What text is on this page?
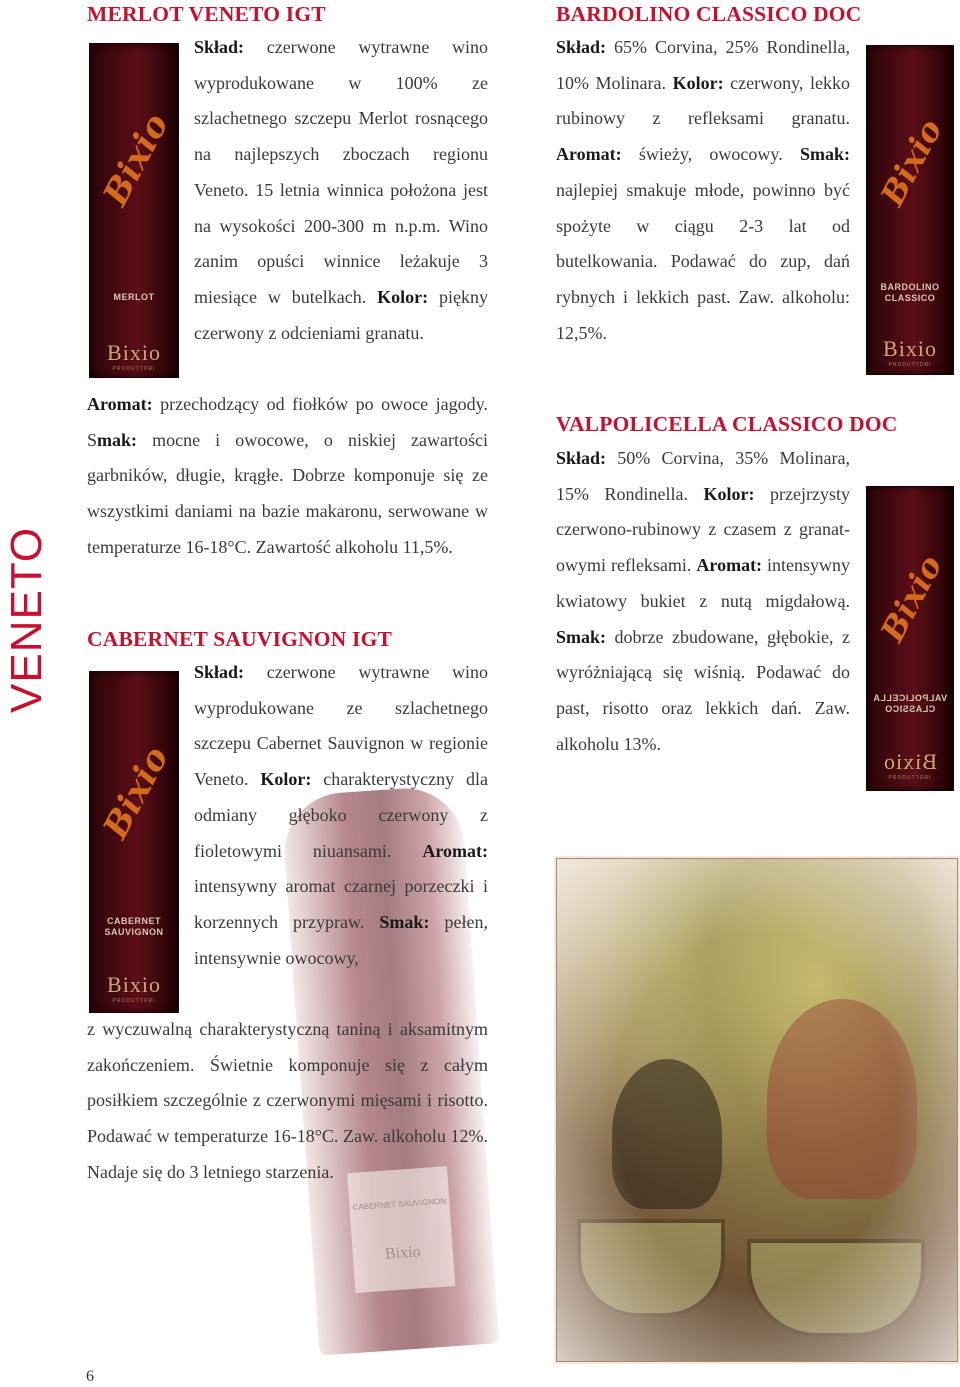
VENETO
CABERNET SAUVIGNON
Bixio
MERLOT VENETO IGT
Bixio
MERLOT
Bixio
PRODUTTORI
Skład: czerwone wytrawne wino wyprodukowane w 100% ze szlachetnego szczepu Merlot rosnącego na najlepszych zboczach regionu Veneto. 15 letnia winnica położona jest na wysokości 200-300 m n.p.m. Wino zanim opuści winnice leżakuje 3 miesiące w butelkach. Kolor: piękny czerwony z odcieniami granatu.
Aromat: przechodzący od fiołków po owoce jagody. Smak: mocne i owocowe, o niskiej zawartości garbników, długie, krągłe. Dobrze komponuje się ze wszystkimi daniami na bazie makaronu, serwowane w temperaturze 16-18°C. Zawartość alkoholu 11,5%.
CABERNET SAUVIGNON IGT
Bixio
CABERNET SAUVIGNON
Bixio
PRODUTTORI
Skład: czerwone wytrawne wino wyprodukowane ze szlachetnego szczepu Cabernet Sauvignon w regionie Veneto. Kolor: charakterystyczny dla odmiany głęboko czerwony z fioletowymi niuansami. Aromat: intensywny aromat czarnej porzeczki i korzennych przypraw. Smak: pełen, intensywnie owocowy,
z wyczuwalną charakterystyczną taniną i aksamitnym zakończeniem. Świetnie komponuje się z całym posiłkiem szczególnie z czerwonymi mięsami i risotto. Podawać w temperaturze 16-18°C. Zaw. alkoholu 12%. Nadaje się do 3 letniego starzenia.
BARDOLINO CLASSICO DOC
Skład: 65% Corvina, 25% Rondinella, 10% Molinara. Kolor: czerwony, lekko rubinowy z refleksami granatu. Aromat: świeży, owocowy. Smak: najlepiej smakuje młode, powinno być spożyte w ciągu 2-3 lat od butelkowania. Podawać do zup, dań rybnych i lekkich past. Zaw. alkoholu: 12,5%.
Bixio
BARDOLINO CLASSICO
Bixio
PRODUTTORI
VALPOLICELLA CLASSICO DOC
Skład: 50% Corvina, 35% Molinara, 15% Rondinella. Kolor: przejrzysty czerwono-rubinowy z czasem z granat-owymi refleksami. Aromat: intensywny kwiatowy bukiet z nutą migdałową. Smak: dobrze zbudowane, głębokie, z wyróżniającą się wiśnią. Podawać do past, risotto oraz lekkich dań. Zaw. alkoholu 13%.
Bixio
VALPOLICELLA CLASSICO
Bixio
PRODUTTORI
6
